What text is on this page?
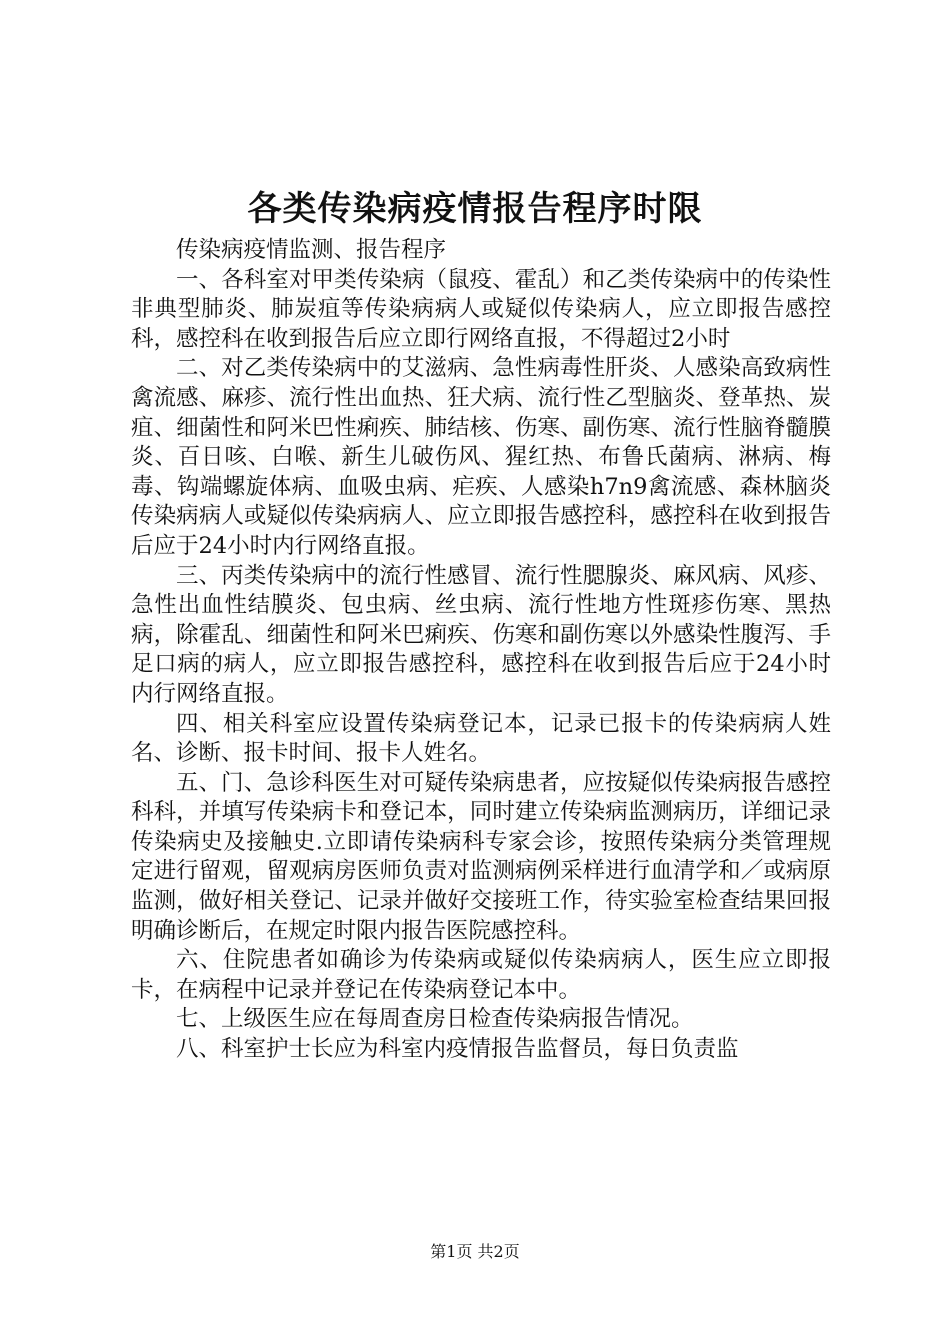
各类传染病疫情报告程序时限

传染病疫情监测、报告程序

一、各科室对甲类传染病（鼠疫、霍乱）和乙类传染病中的传染性非典型肺炎、肺炭疽等传染病病人或疑似传染病人，应立即报告感控科，感控科在收到报告后应立即行网络直报，不得超过2小时

二、对乙类传染病中的艾滋病、急性病毒性肝炎、人感染高致病性禽流感、麻疹、流行性出血热、狂犬病、流行性乙型脑炎、登革热、炭疽、细菌性和阿米巴性痢疾、肺结核、伤寒、副伤寒、流行性脑脊髓膜炎、百日咳、白喉、新生儿破伤风、猩红热、布鲁氏菌病、淋病、梅毒、钩端螺旋体病、血吸虫病、疟疾、人感染h7n9禽流感、森林脑炎传染病病人或疑似传染病病人、应立即报告感控科，感控科在收到报告后应于24小时内行网络直报。

三、丙类传染病中的流行性感冒、流行性腮腺炎、麻风病、风疹、急性出血性结膜炎、包虫病、丝虫病、流行性地方性斑疹伤寒、黑热病，除霍乱、细菌性和阿米巴痢疾、伤寒和副伤寒以外感染性腹泻、手足口病的病人，应立即报告感控科，感控科在收到报告后应于24小时内行网络直报。

四、相关科室应设置传染病登记本，记录已报卡的传染病病人姓名、诊断、报卡时间、报卡人姓名。

五、门、急诊科医生对可疑传染病患者，应按疑似传染病报告感控科科，并填写传染病卡和登记本，同时建立传染病监测病历，详细记录传染病史及接触史.立即请传染病科专家会诊，按照传染病分类管理规定进行留观，留观病房医师负责对监测病例采样进行血清学和／或病原监测，做好相关登记、记录并做好交接班工作，待实验室检查结果回报明确诊断后，在规定时限内报告医院感控科。

六、住院患者如确诊为传染病或疑似传染病病人，医生应立即报卡，在病程中记录并登记在传染病登记本中。

七、上级医生应在每周查房日检查传染病报告情况。

八、科室护士长应为科室内疫情报告监督员，每日负责监

第1页 共2页
